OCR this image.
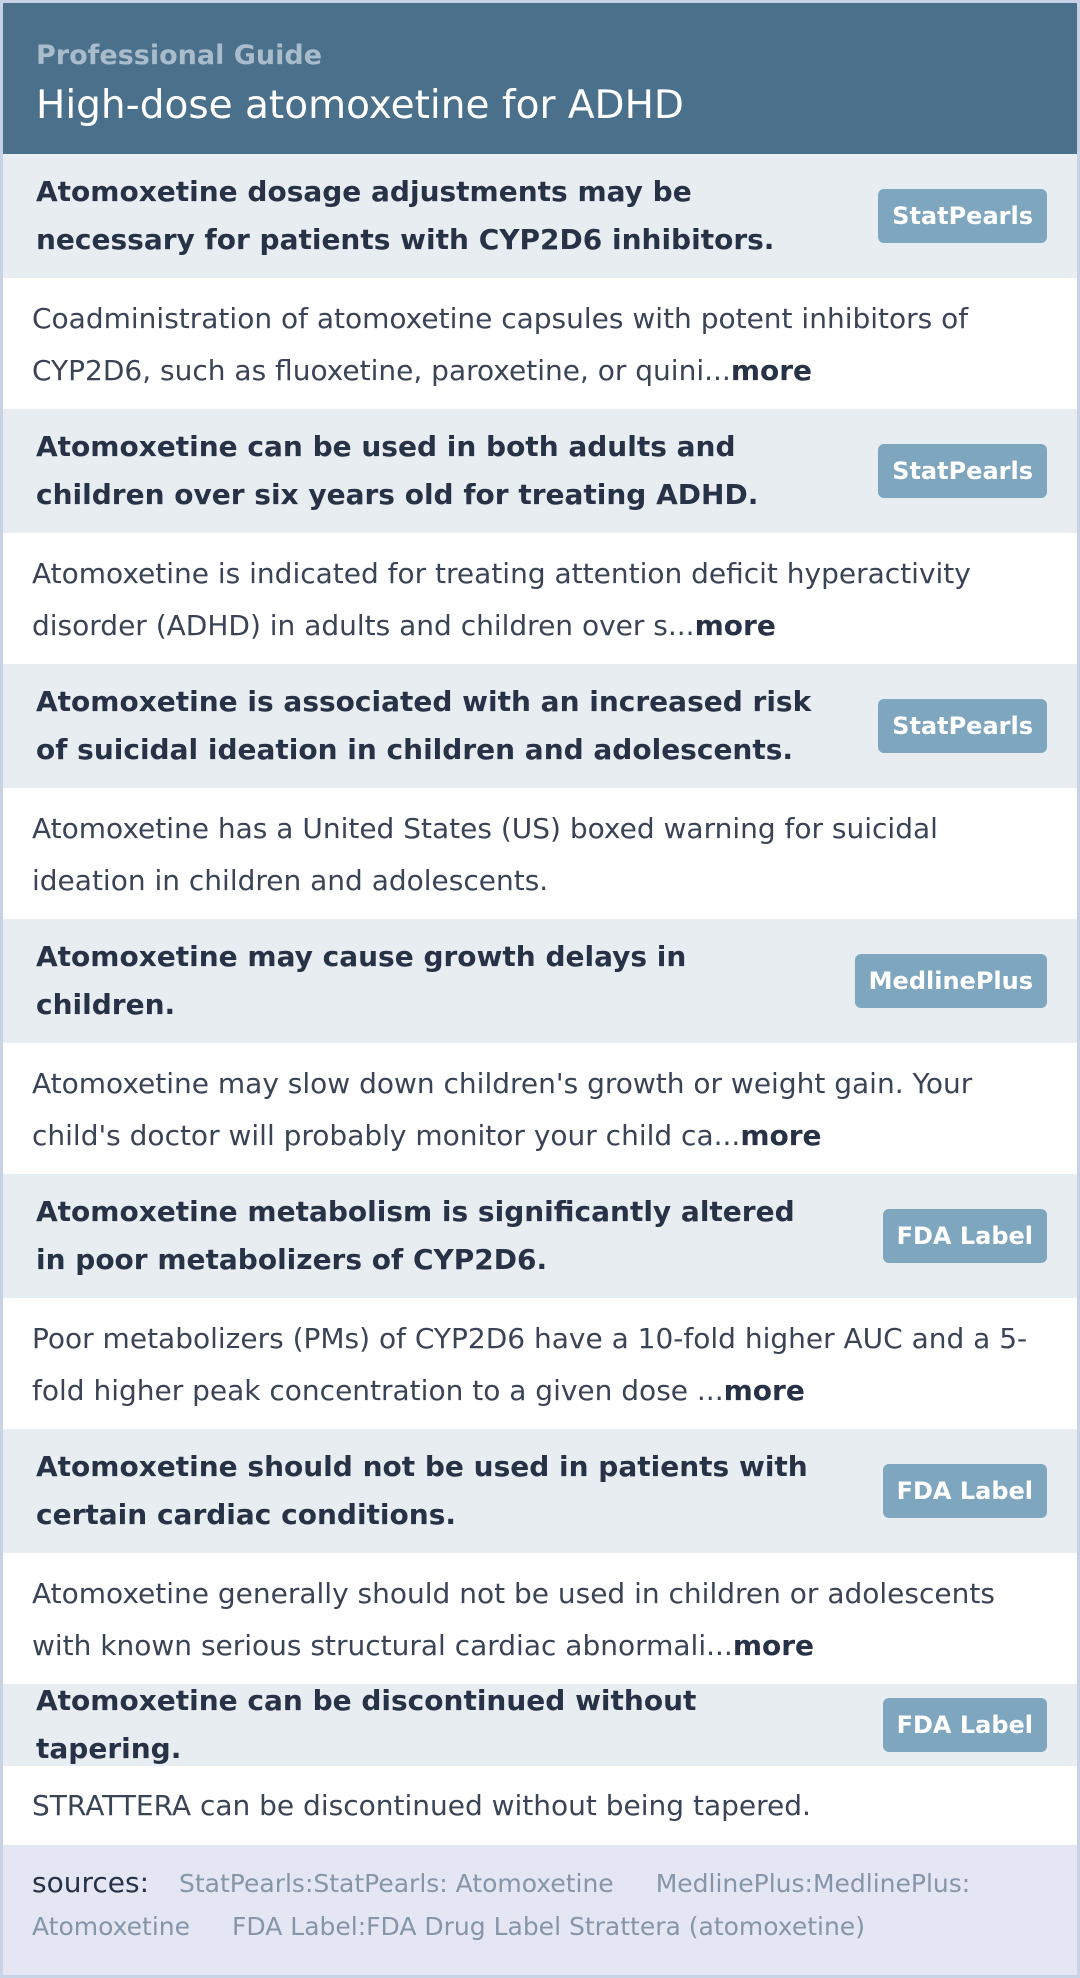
Professional Guide
High-dose atomoxetine for ADHD
Atomoxetine dosage adjustments may be necessary for patients with CYP2D6 inhibitors.
StatPearls
Coadministration of atomoxetine capsules with potent inhibitors of CYP2D6, such as fluoxetine, paroxetine, or quini...more
Atomoxetine can be used in both adults and children over six years old for treating ADHD.
StatPearls
Atomoxetine is indicated for treating attention deficit hyperactivity disorder (ADHD) in adults and children over s...more
Atomoxetine is associated with an increased risk of suicidal ideation in children and adolescents.
StatPearls
Atomoxetine has a United States (US) boxed warning for suicidal ideation in children and adolescents.
Atomoxetine may cause growth delays in children.
MedlinePlus
Atomoxetine may slow down children's growth or weight gain. Your child's doctor will probably monitor your child ca...more
Atomoxetine metabolism is significantly altered in poor metabolizers of CYP2D6.
FDA Label
Poor metabolizers (PMs) of CYP2D6 have a 10-fold higher AUC and a 5-fold higher peak concentration to a given dose ...more
Atomoxetine should not be used in patients with certain cardiac conditions.
FDA Label
Atomoxetine generally should not be used in children or adolescents with known serious structural cardiac abnormali...more
Atomoxetine can be discontinued without tapering.
FDA Label
STRATTERA can be discontinued without being tapered.
sources: StatPearls:StatPearls: Atomoxetine MedlinePlus:MedlinePlus: Atomoxetine FDA Label:FDA Drug Label Strattera (atomoxetine)
